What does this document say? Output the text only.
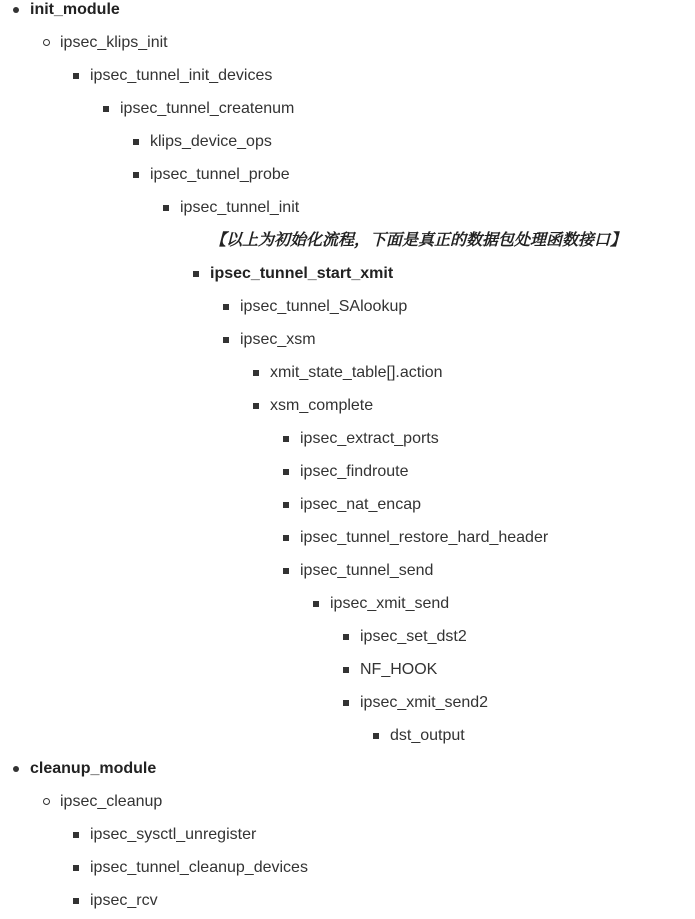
init_module
ipsec_klips_init
ipsec_tunnel_init_devices
ipsec_tunnel_createnum
klips_device_ops
ipsec_tunnel_probe
ipsec_tunnel_init
【以上为初始化流程，下面是真正的数据包处理函数接口】
ipsec_tunnel_start_xmit
ipsec_tunnel_SAlookup
ipsec_xsm
xmit_state_table[].action
xsm_complete
ipsec_extract_ports
ipsec_findroute
ipsec_nat_encap
ipsec_tunnel_restore_hard_header
ipsec_tunnel_send
ipsec_xmit_send
ipsec_set_dst2
NF_HOOK
ipsec_xmit_send2
dst_output
cleanup_module
ipsec_cleanup
ipsec_sysctl_unregister
ipsec_tunnel_cleanup_devices
ipsec_rcv
